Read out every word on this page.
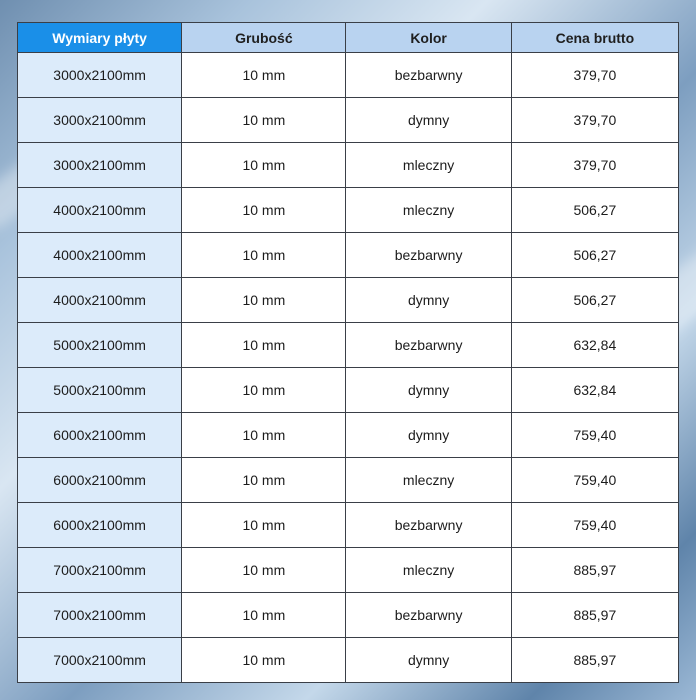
Wymiary płyty	Grubość	Kolor	Cena brutto
3000x2100mm	10 mm	bezbarwny	379,70
3000x2100mm	10 mm	dymny	379,70
3000x2100mm	10 mm	mleczny	379,70
4000x2100mm	10 mm	mleczny	506,27
4000x2100mm	10 mm	bezbarwny	506,27
4000x2100mm	10 mm	dymny	506,27
5000x2100mm	10 mm	bezbarwny	632,84
5000x2100mm	10 mm	dymny	632,84
6000x2100mm	10 mm	dymny	759,40
6000x2100mm	10 mm	mleczny	759,40
6000x2100mm	10 mm	bezbarwny	759,40
7000x2100mm	10 mm	mleczny	885,97
7000x2100mm	10 mm	bezbarwny	885,97
7000x2100mm	10 mm	dymny	885,97
